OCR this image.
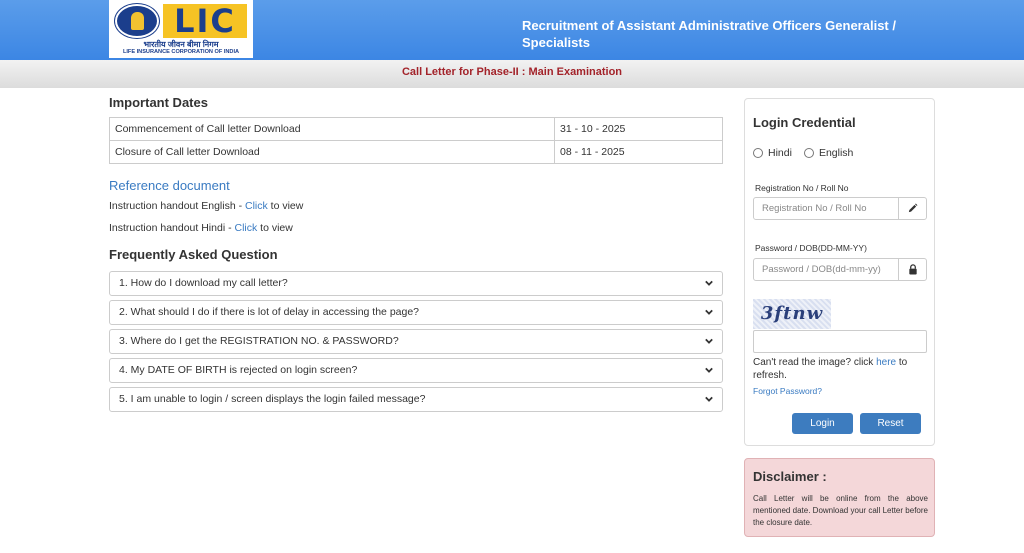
LIC
भारतीय जीवन बीमा निगम
LIFE INSURANCE CORPORATION OF INDIA
Recruitment of Assistant Administrative Officers Generalist / Specialists
Call Letter for Phase-II : Main Examination
Important Dates
Commencement of Call letter Download	31 - 10 - 2025
Closure of Call letter Download	08 - 11 - 2025
Reference document
Instruction handout English - Click to view
Instruction handout Hindi - Click to view
Frequently Asked Question
1. How do I download my call letter?
2. What should I do if there is lot of delay in accessing the page?
3. Where do I get the REGISTRATION NO. & PASSWORD?
4. My DATE OF BIRTH is rejected on login screen?
5. I am unable to login / screen displays the login failed message?
Login Credential
Hindi	English
Registration No / Roll No
Registration No / Roll No
Password / DOB(DD-MM-YY)
3ftnw
Can't read the image? click here to refresh.
Forgot Password?
Login	Reset
Disclaimer :
Call Letter will be online from the above mentioned date. Download your call Letter before the closure date.
